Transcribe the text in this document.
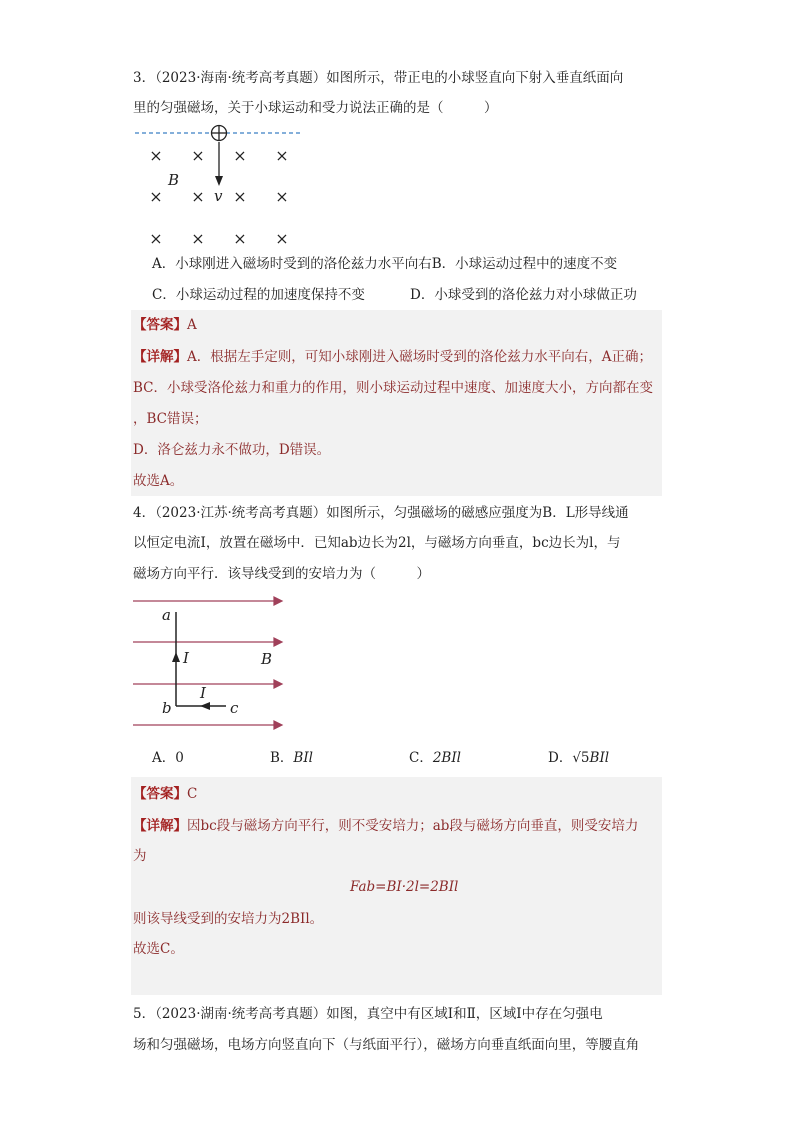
3．（2023·海南·统考高考真题）如图所示，带正电的小球竖直向下射入垂直纸面向
里的匀强磁场，关于小球运动和受力说法正确的是（　　　）
× × × ×
× × × ×
× × × ×
B
v
A．小球刚进入磁场时受到的洛伦兹力水平向右B．小球运动过程中的速度不变
C．小球运动过程的加速度保持不变	D．小球受到的洛伦兹力对小球做正功
【答案】A
【详解】A．根据左手定则，可知小球刚进入磁场时受到的洛伦兹力水平向右，A正确；
BC．小球受洛伦兹力和重力的作用，则小球运动过程中速度、加速度大小，方向都在变
，BC错误；
D．洛仑兹力永不做功，D错误。
故选A。
4．（2023·江苏·统考高考真题）如图所示，匀强磁场的磁感应强度为B．L形导线通
以恒定电流I，放置在磁场中．已知ab边长为2l，与磁场方向垂直，bc边长为l，与
磁场方向平行．该导线受到的安培力为（　　　）
a
b	c
I
I
B
A．0	B．BIl	C．2BIl	D．√5BIl
【答案】C
【详解】因bc段与磁场方向平行，则不受安培力；ab段与磁场方向垂直，则受安培力
为
Fab=BI·2l=2BIl
则该导线受到的安培力为2BIl。
故选C。
5．（2023·湖南·统考高考真题）如图，真空中有区域Ⅰ和Ⅱ，区域Ⅰ中存在匀强电
场和匀强磁场，电场方向竖直向下（与纸面平行），磁场方向垂直纸面向里，等腰直角
